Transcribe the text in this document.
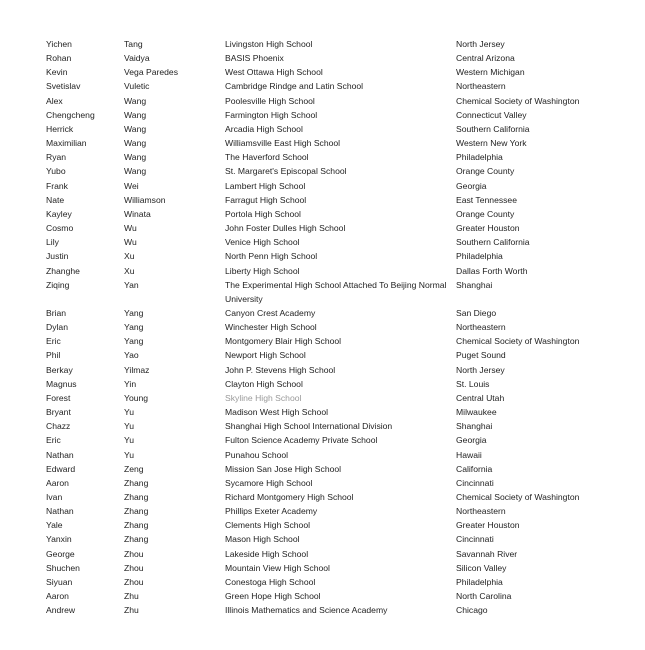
Yichen	Tang	Livingston High School	North Jersey
Rohan	Vaidya	BASIS Phoenix	Central Arizona
Kevin	Vega Paredes	West Ottawa High School	Western Michigan
Svetislav	Vuletic	Cambridge Rindge and Latin School	Northeastern
Alex	Wang	Poolesville High School	Chemical Society of Washington
Chengcheng	Wang	Farmington High School	Connecticut Valley
Herrick	Wang	Arcadia High School	Southern California
Maximilian	Wang	Williamsville East High School	Western New York
Ryan	Wang	The Haverford School	Philadelphia
Yubo	Wang	St. Margaret's Episcopal School	Orange County
Frank	Wei	Lambert High School	Georgia
Nate	Williamson	Farragut High School	East Tennessee
Kayley	Winata	Portola High School	Orange County
Cosmo	Wu	John Foster Dulles High School	Greater Houston
Lily	Wu	Venice High School	Southern California
Justin	Xu	North Penn High School	Philadelphia
Zhanghe	Xu	Liberty High School	Dallas Forth Worth
Ziqing	Yan	The Experimental High School Attached To Beijing Normal University	Shanghai
Brian	Yang	Canyon Crest Academy	San Diego
Dylan	Yang	Winchester High School	Northeastern
Eric	Yang	Montgomery Blair High School	Chemical Society of Washington
Phil	Yao	Newport High School	Puget Sound
Berkay	Yilmaz	John P. Stevens High School	North Jersey
Magnus	Yin	Clayton High School	St. Louis
Forest	Young	Skyline High School	Central Utah
Bryant	Yu	Madison West High School	Milwaukee
Chazz	Yu	Shanghai High School International Division	Shanghai
Eric	Yu	Fulton Science Academy Private School	Georgia
Nathan	Yu	Punahou School	Hawaii
Edward	Zeng	Mission San Jose High School	California
Aaron	Zhang	Sycamore High School	Cincinnati
Ivan	Zhang	Richard Montgomery High School	Chemical Society of Washington
Nathan	Zhang	Phillips Exeter Academy	Northeastern
Yale	Zhang	Clements High School	Greater Houston
Yanxin	Zhang	Mason High School	Cincinnati
George	Zhou	Lakeside High School	Savannah River
Shuchen	Zhou	Mountain View High School	Silicon Valley
Siyuan	Zhou	Conestoga High School	Philadelphia
Aaron	Zhu	Green Hope High School	North Carolina
Andrew	Zhu	Illinois Mathematics and Science Academy	Chicago
